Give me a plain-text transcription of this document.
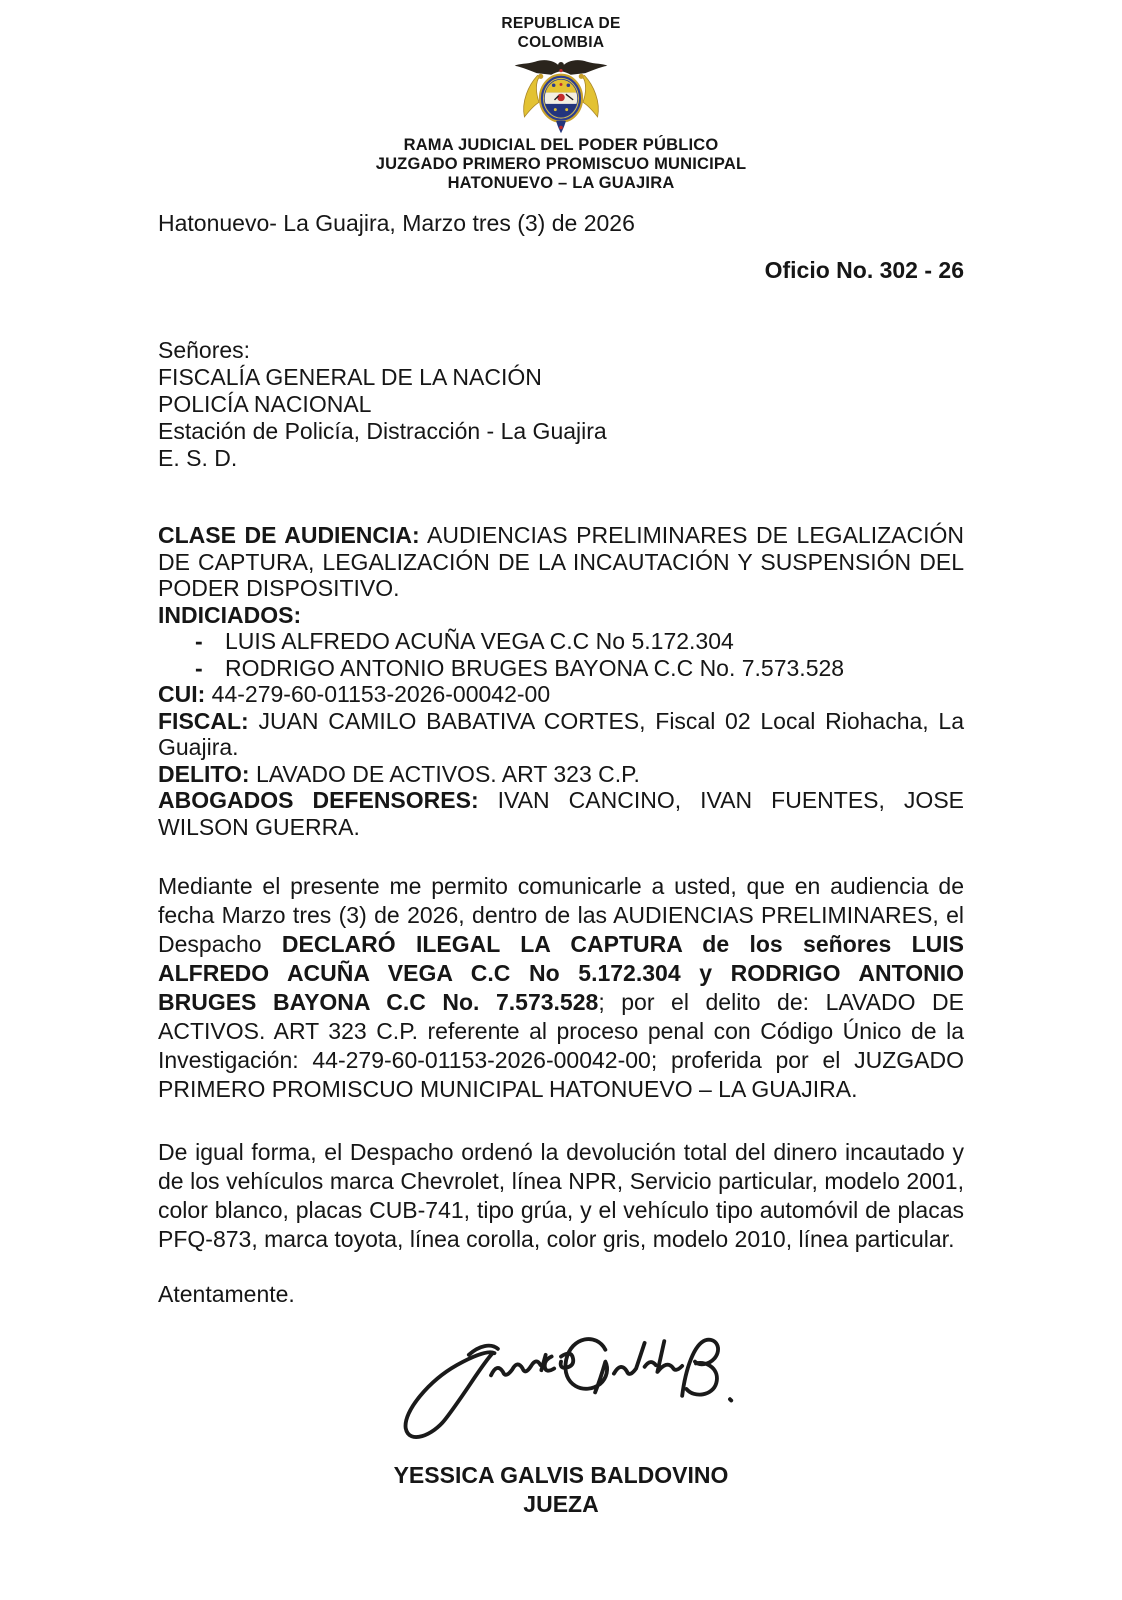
REPUBLICA DE
COLOMBIA
RAMA JUDICIAL DEL PODER PÚBLICO
JUZGADO PRIMERO PROMISCUO MUNICIPAL
HATONUEVO – LA GUAJIRA
Hatonuevo- La Guajira, Marzo tres (3) de 2026
Oficio No. 302 - 26
Señores:
FISCALÍA GENERAL DE LA NACIÓN
POLICÍA NACIONAL
Estación de Policía, Distracción - La Guajira
E. S. D.
CLASE DE AUDIENCIA: AUDIENCIAS PRELIMINARES DE LEGALIZACIÓN DE CAPTURA, LEGALIZACIÓN DE LA INCAUTACIÓN Y SUSPENSIÓN DEL PODER DISPOSITIVO.
INDICIADOS:
- LUIS ALFREDO ACUÑA VEGA C.C No 5.172.304
- RODRIGO ANTONIO BRUGES BAYONA C.C No. 7.573.528
CUI: 44-279-60-01153-2026-00042-00
FISCAL: JUAN CAMILO BABATIVA CORTES, Fiscal 02 Local Riohacha, La Guajira.
DELITO: LAVADO DE ACTIVOS. ART 323 C.P.
ABOGADOS DEFENSORES: IVAN CANCINO, IVAN FUENTES, JOSE WILSON GUERRA.
Mediante el presente me permito comunicarle a usted, que en audiencia de fecha Marzo tres (3) de 2026, dentro de las AUDIENCIAS PRELIMINARES, el Despacho DECLARÓ ILEGAL LA CAPTURA de los señores LUIS ALFREDO ACUÑA VEGA C.C No 5.172.304 y RODRIGO ANTONIO BRUGES BAYONA C.C No. 7.573.528; por el delito de: LAVADO DE ACTIVOS. ART 323 C.P. referente al proceso penal con Código Único de la Investigación: 44-279-60-01153-2026-00042-00; proferida por el JUZGADO PRIMERO PROMISCUO MUNICIPAL HATONUEVO – LA GUAJIRA.
De igual forma, el Despacho ordenó la devolución total del dinero incautado y de los vehículos marca Chevrolet, línea NPR, Servicio particular, modelo 2001, color blanco, placas CUB-741, tipo grúa, y el vehículo tipo automóvil de placas PFQ-873, marca toyota, línea corolla, color gris, modelo 2010, línea particular.
Atentamente.
YESSICA GALVIS BALDOVINO
JUEZA
